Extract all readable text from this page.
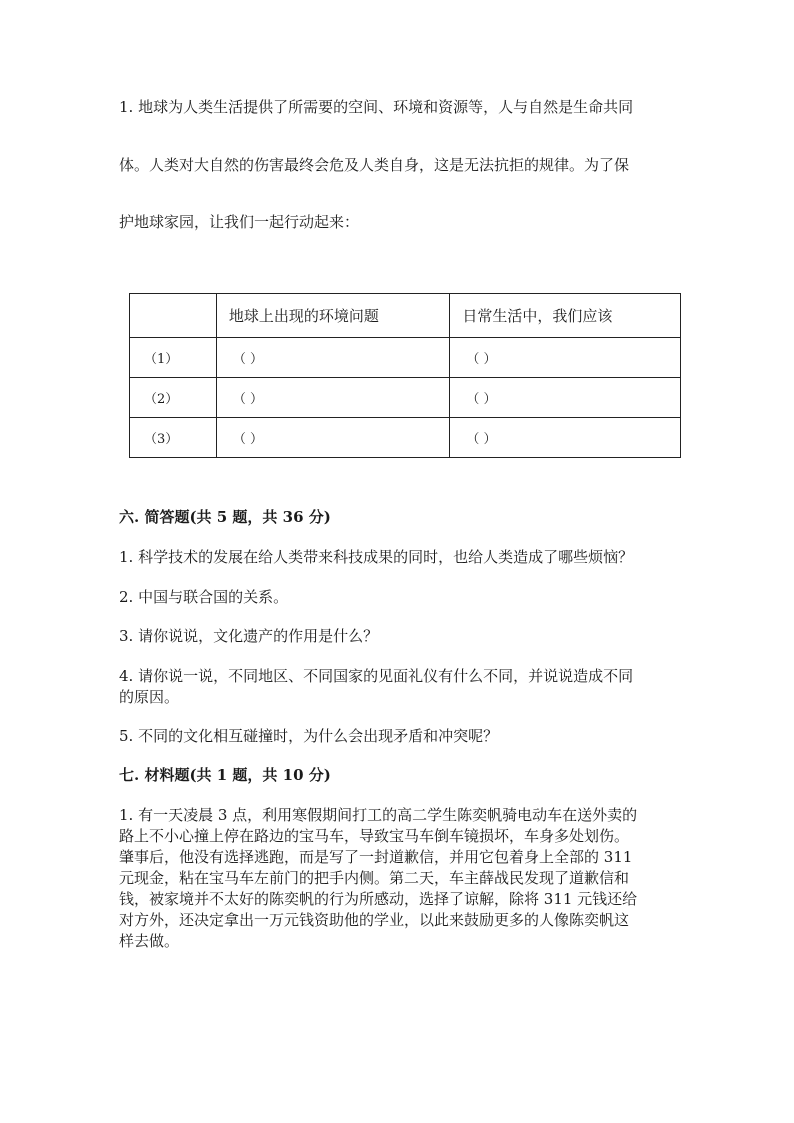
1. 地球为人类生活提供了所需要的空间、环境和资源等，人与自然是生命共同
体。人类对大自然的伤害最终会危及人类自身，这是无法抗拒的规律。为了保
护地球家园，让我们一起行动起来：
	地球上出现的环境问题	日常生活中，我们应该
（1）	（ ）	（ ）
（2）	（ ）	（ ）
（3）	（ ）	（ ）
六. 简答题(共 5 题，共 36 分)
1. 科学技术的发展在给人类带来科技成果的同时，也给人类造成了哪些烦恼？
2. 中国与联合国的关系。
3. 请你说说，文化遗产的作用是什么？
4. 请你说一说，不同地区、不同国家的见面礼仪有什么不同，并说说造成不同
的原因。
5. 不同的文化相互碰撞时，为什么会出现矛盾和冲突呢？
七. 材料题(共 1 题，共 10 分)
1. 有一天凌晨 3 点，利用寒假期间打工的高二学生陈奕帆骑电动车在送外卖的
路上不小心撞上停在路边的宝马车，导致宝马车倒车镜损坏，车身多处划伤。
肇事后，他没有选择逃跑，而是写了一封道歉信，并用它包着身上全部的 311
元现金，粘在宝马车左前门的把手内侧。第二天，车主薛战民发现了道歉信和
钱，被家境并不太好的陈奕帆的行为所感动，选择了谅解，除将 311 元钱还给
对方外，还决定拿出一万元钱资助他的学业，以此来鼓励更多的人像陈奕帆这
样去做。
